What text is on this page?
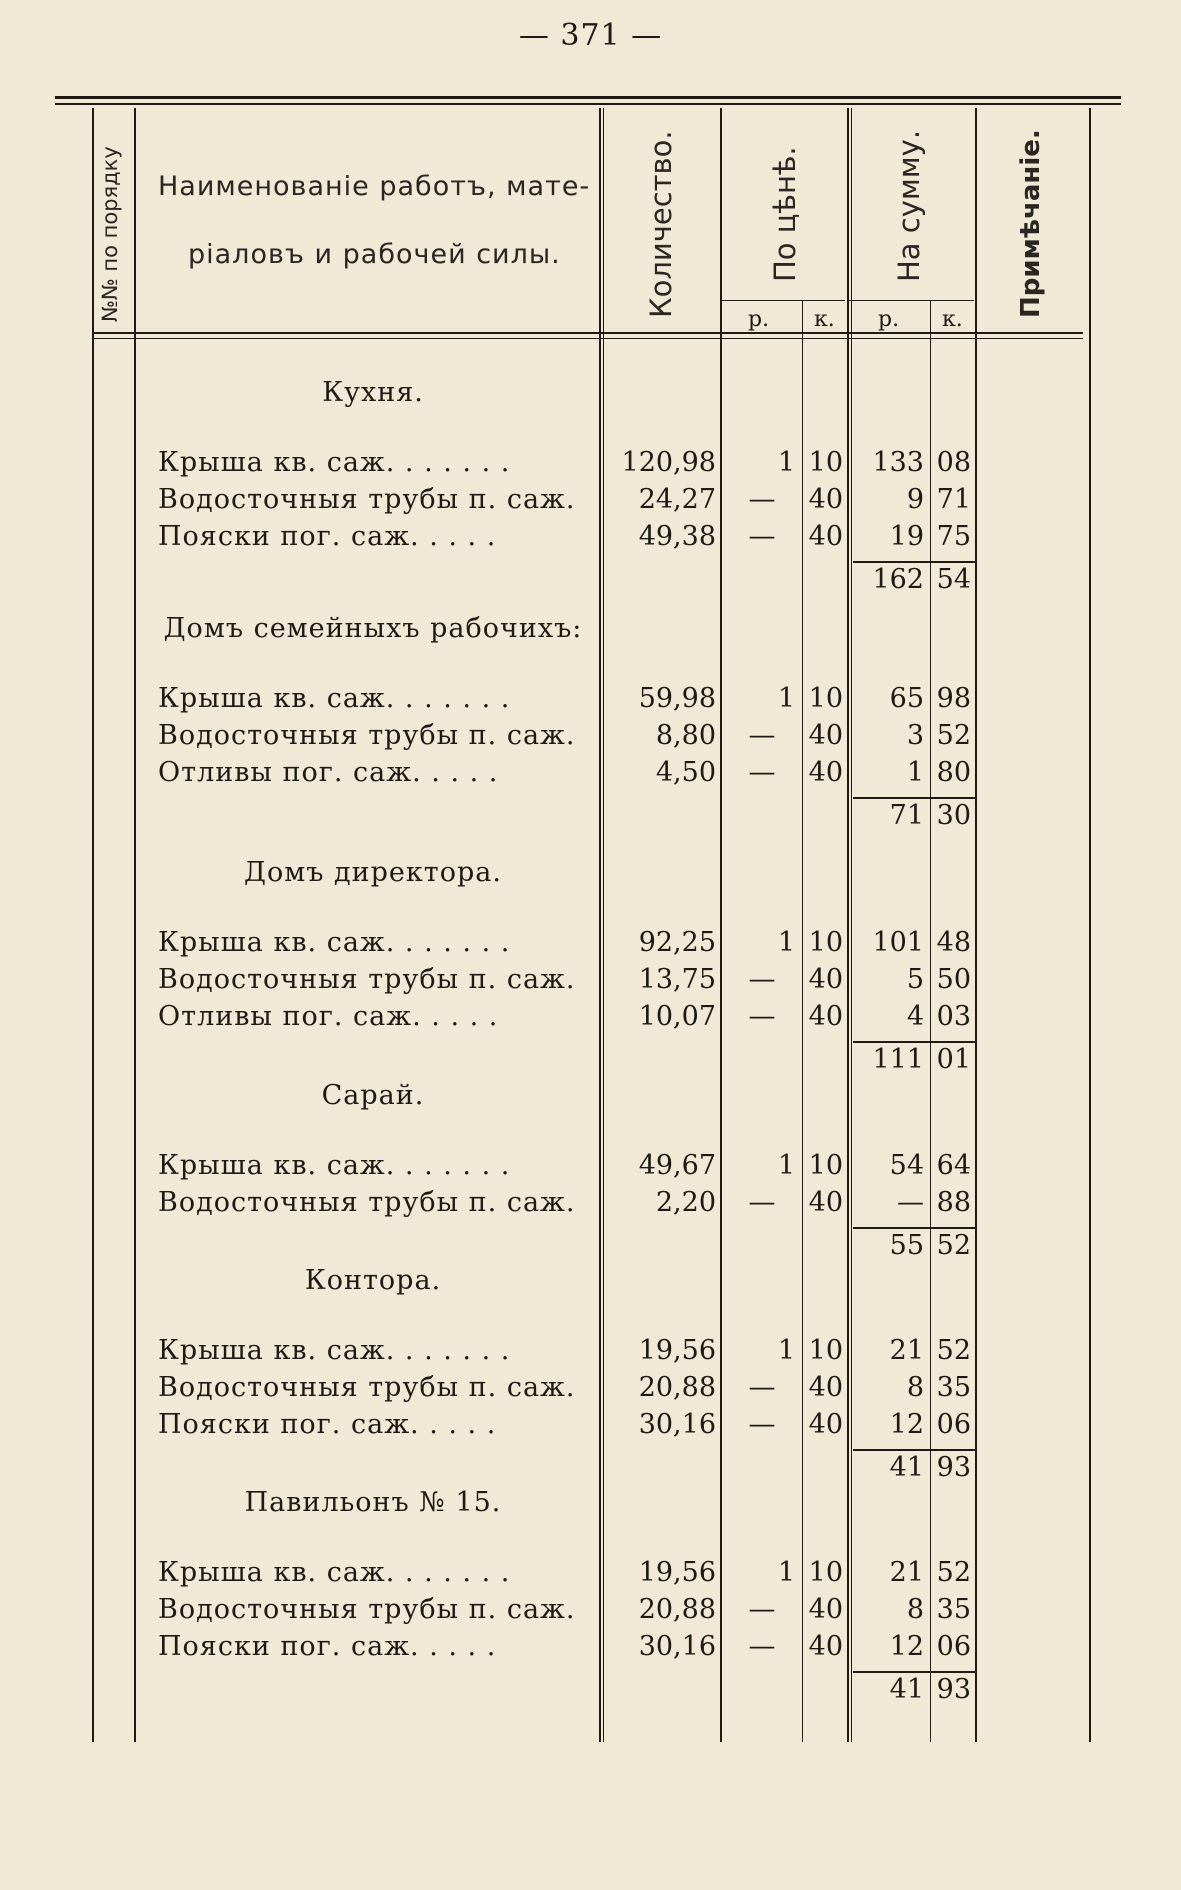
— 371 —
№№ по порядку Наименованіе работъ, мате-
ріаловъ и рабочей силы.	Количество.	По цѣнѣ.	На сумму.	Примѣчаніе.
р. к. р. к.
Кухня.
Крыша кв. саж. . . . . . .	120,98	1 10	133 08
Водосточныя трубы п. саж.	24,27	—	40	9 71
Пояски пог. саж. . . . .	49,38	—	40	19 75
162 54
Домъ семейныхъ рабочихъ:
Крыша кв. саж. . . . . . .	59,98	1 10	65 98
Водосточныя трубы п. саж.	8,80	—	40	3 52
Отливы пог. саж. . . . .	4,50	—	40	1 80
71 30
Домъ директора.
Крыша кв. саж. . . . . . .	92,25	1 10	101 48
Водосточныя трубы п. саж.	13,75	—	40	5 50
Отливы пог. саж. . . . .	10,07	—	40	4 03
111 01
Сарай.
Крыша кв. саж. . . . . . .	49,67	1 10	54 64
Водосточныя трубы п. саж.	2,20	—	40	— 88
55 52
Контора.
Крыша кв. саж. . . . . . .	19,56	1 10	21 52
Водосточныя трубы п. саж.	20,88	—	40	8 35
Пояски пог. саж. . . . .	30,16	—	40	12 06
41 93
Павильонъ № 15.
Крыша кв. саж. . . . . . .	19,56	1 10	21 52
Водосточныя трубы п. саж.	20,88	—	40	8 35
Пояски пог. саж. . . . .	30,16	—	40	12 06
41 93
